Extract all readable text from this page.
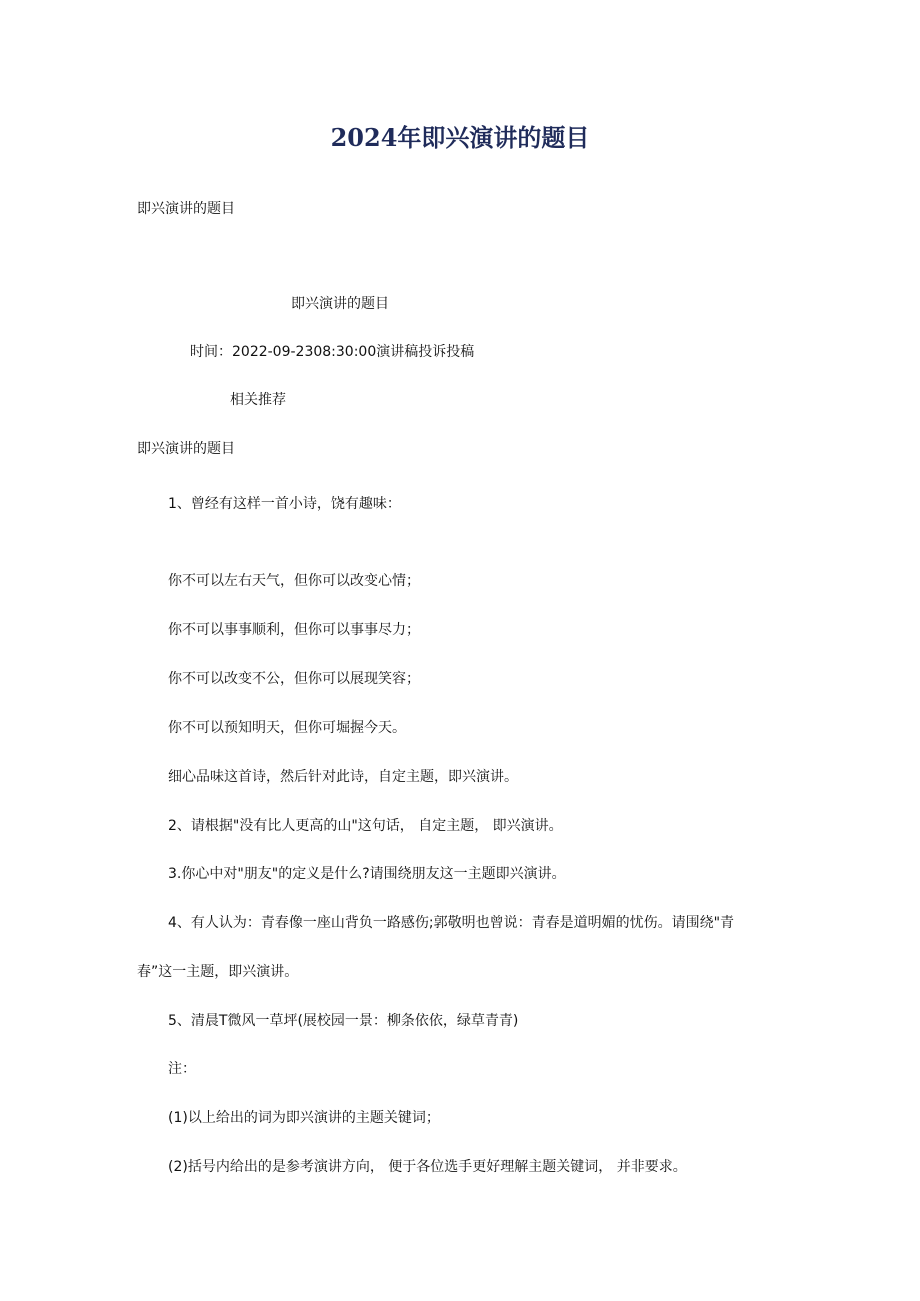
2024年即兴演讲的题目
即兴演讲的题目
即兴演讲的题目
时间：2022-09-2308:30:00演讲稿投诉投稿
相关推荐
即兴演讲的题目
1、曾经有这样一首小诗，饶有趣味：
你不可以左右天气，但你可以改变心情；
你不可以事事顺利，但你可以事事尽力；
你不可以改变不公，但你可以展现笑容；
你不可以预知明天，但你可堀握今天。
细心品味这首诗，然后针对此诗，自定主题，即兴演讲。
2、请根据"没有比人更高的山"这句话， 自定主题， 即兴演讲。
3.你心中对"朋友"的定义是什么?请围绕朋友这一主题即兴演讲。
4、有人认为：青春像一座山背负一路感伤;郭敬明也曾说：青春是道明媚的忧伤。请围绕"青
春”这一主题，即兴演讲。
5、清晨T微风一草坪(展校园一景：柳条依依，绿草青青)
注：
(1)以上给出的词为即兴演讲的主题关键词；
(2)括号内给出的是参考演讲方向， 便于各位选手更好理解主题关键词， 并非要求。
